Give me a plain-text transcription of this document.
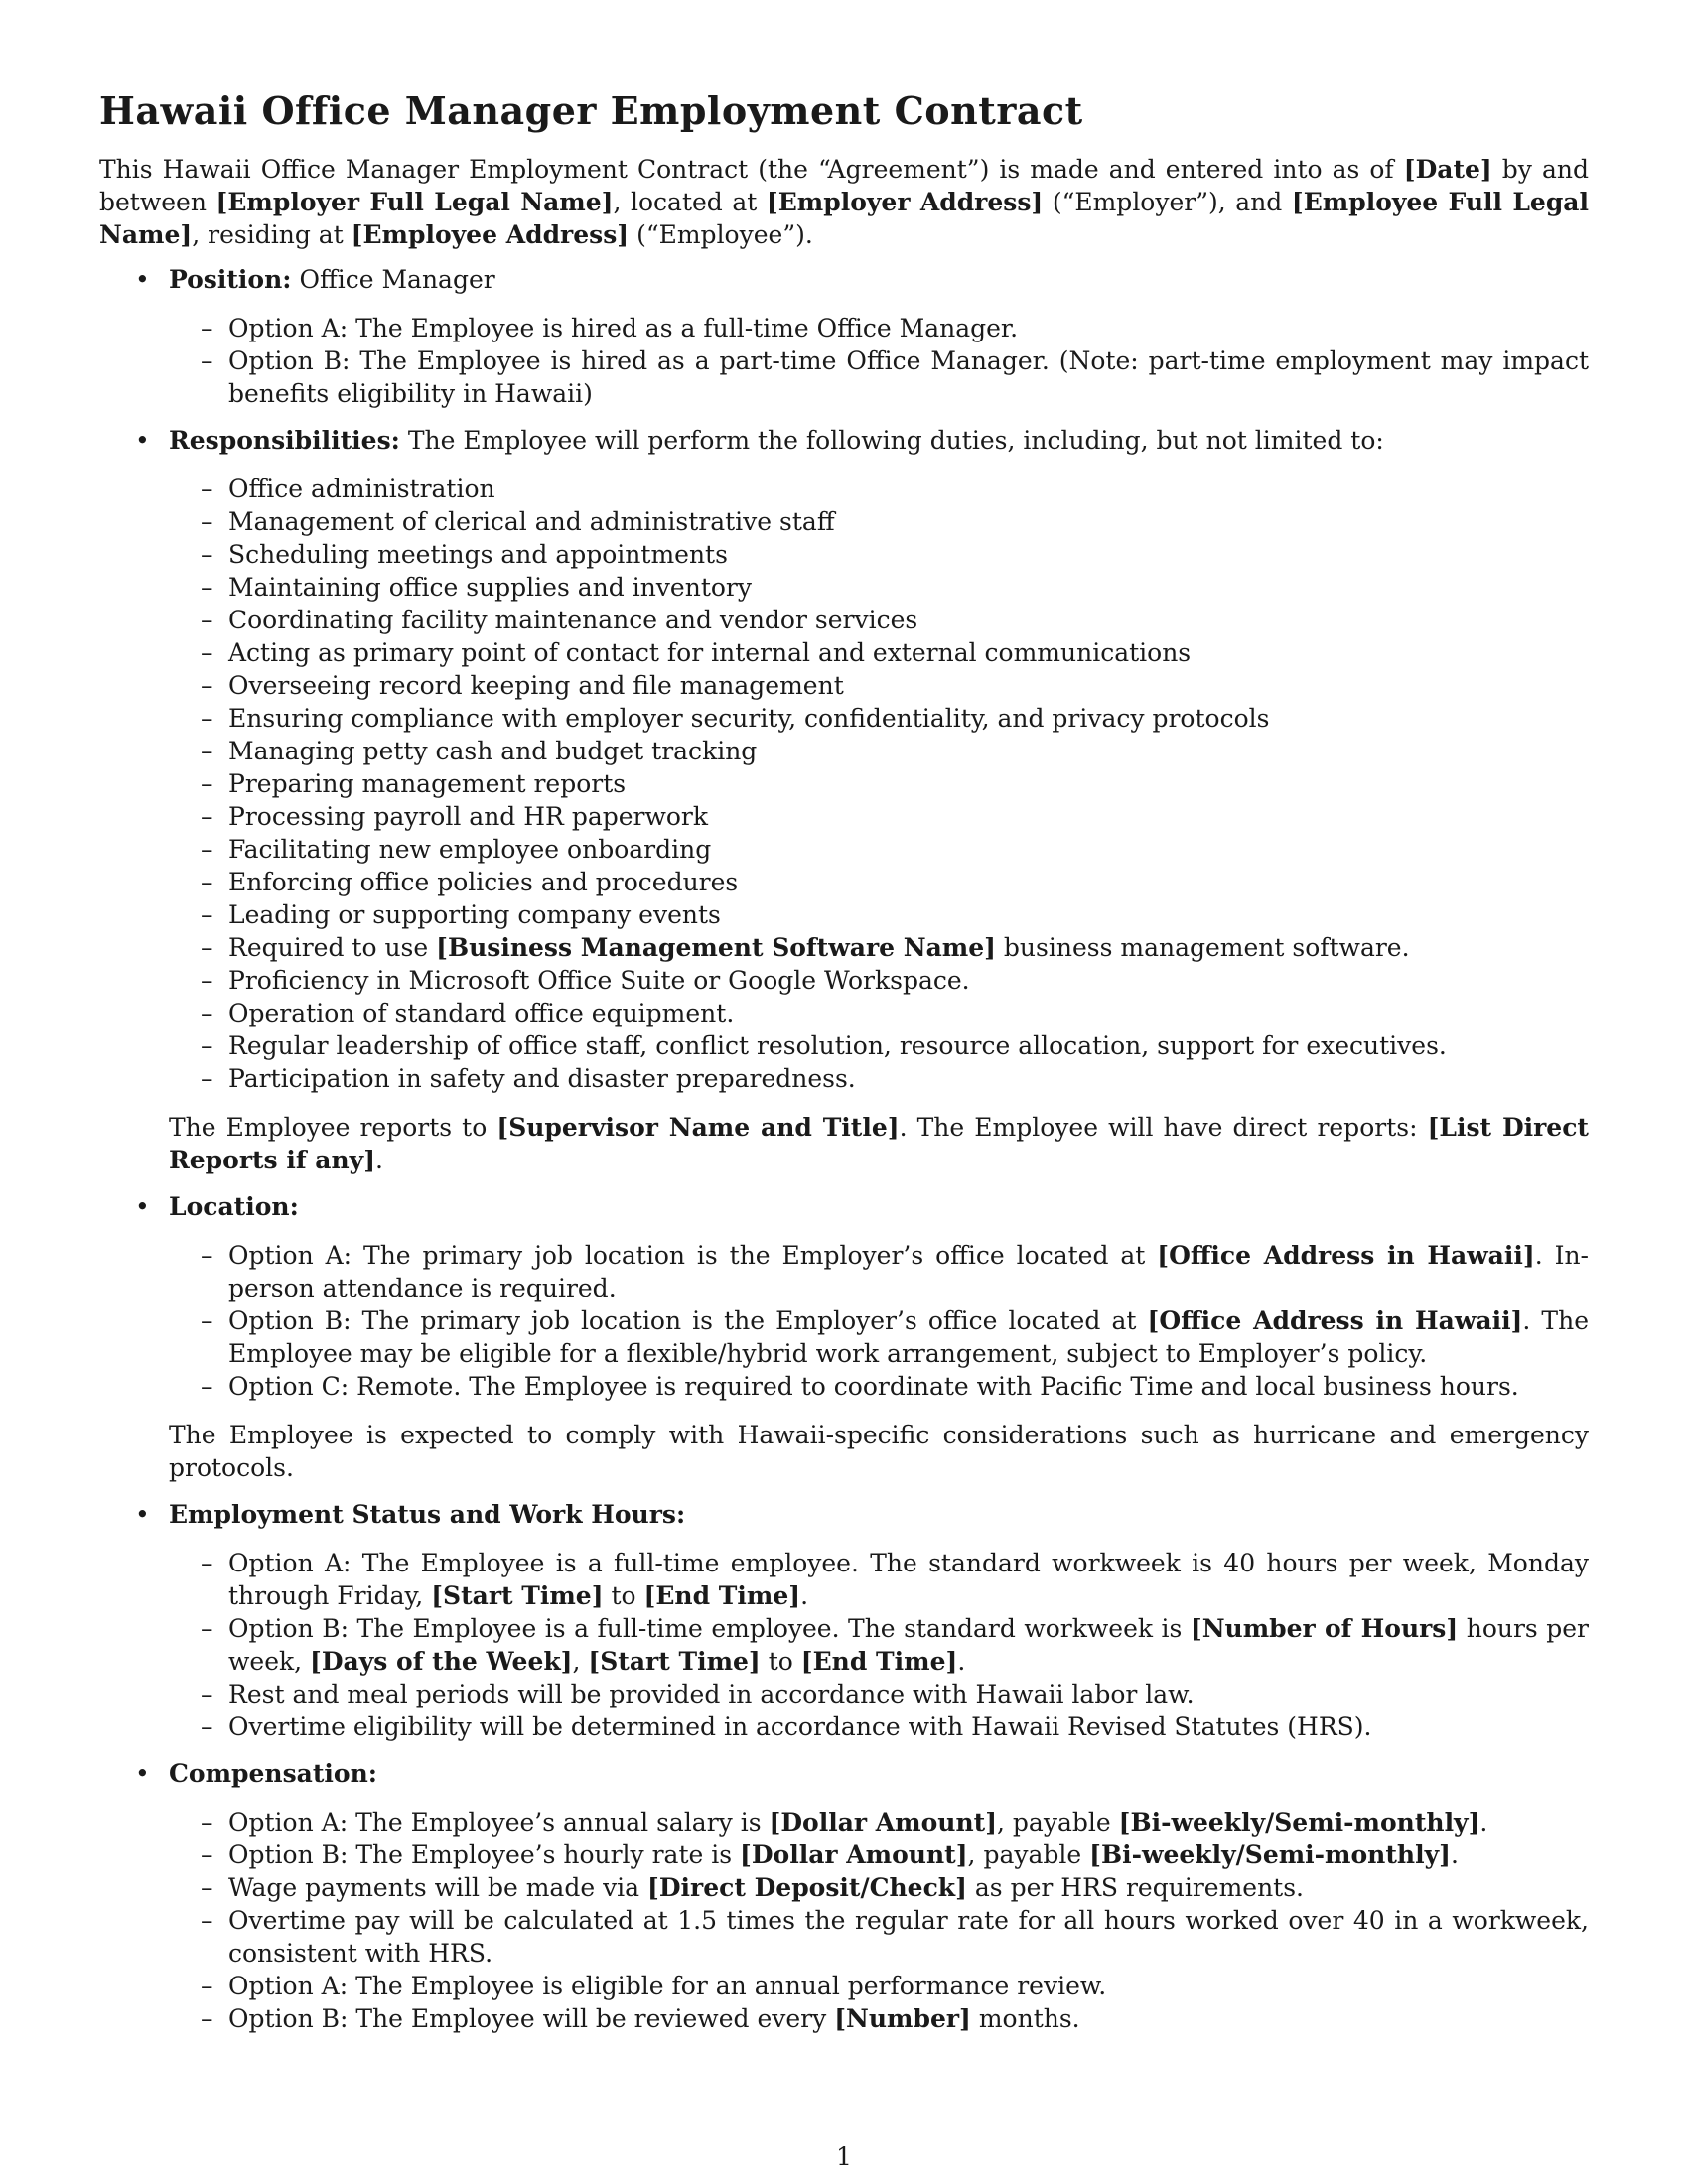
Hawaii Office Manager Employment Contract

This Hawaii Office Manager Employment Contract (the “Agreement”) is made and entered into as of [Date] by and between [Employer Full Legal Name], located at [Employer Address] (“Employer”), and [Employee Full Legal Name], residing at [Employee Address] (“Employee”).

• Position: Office Manager
– Option A: The Employee is hired as a full-time Office Manager.
– Option B: The Employee is hired as a part-time Office Manager. (Note: part-time employment may impact benefits eligibility in Hawaii)
• Responsibilities: The Employee will perform the following duties, including, but not limited to:
– Office administration
– Management of clerical and administrative staff
– Scheduling meetings and appointments
– Maintaining office supplies and inventory
– Coordinating facility maintenance and vendor services
– Acting as primary point of contact for internal and external communications
– Overseeing record keeping and file management
– Ensuring compliance with employer security, confidentiality, and privacy protocols
– Managing petty cash and budget tracking
– Preparing management reports
– Processing payroll and HR paperwork
– Facilitating new employee onboarding
– Enforcing office policies and procedures
– Leading or supporting company events
– Required to use [Business Management Software Name] business management software.
– Proficiency in Microsoft Office Suite or Google Workspace.
– Operation of standard office equipment.
– Regular leadership of office staff, conflict resolution, resource allocation, support for executives.
– Participation in safety and disaster preparedness.

The Employee reports to [Supervisor Name and Title]. The Employee will have direct reports: [List Direct Reports if any].

• Location:
– Option A: The primary job location is the Employer’s office located at [Office Address in Hawaii]. In-person attendance is required.
– Option B: The primary job location is the Employer’s office located at [Office Address in Hawaii]. The Employee may be eligible for a flexible/hybrid work arrangement, subject to Employer’s policy.
– Option C: Remote. The Employee is required to coordinate with Pacific Time and local business hours.

The Employee is expected to comply with Hawaii-specific considerations such as hurricane and emergency protocols.

• Employment Status and Work Hours:
– Option A: The Employee is a full-time employee. The standard workweek is 40 hours per week, Monday through Friday, [Start Time] to [End Time].
– Option B: The Employee is a full-time employee. The standard workweek is [Number of Hours] hours per week, [Days of the Week], [Start Time] to [End Time].
– Rest and meal periods will be provided in accordance with Hawaii labor law.
– Overtime eligibility will be determined in accordance with Hawaii Revised Statutes (HRS).
• Compensation:
– Option A: The Employee’s annual salary is [Dollar Amount], payable [Bi-weekly/Semi-monthly].
– Option B: The Employee’s hourly rate is [Dollar Amount], payable [Bi-weekly/Semi-monthly].
– Wage payments will be made via [Direct Deposit/Check] as per HRS requirements.
– Overtime pay will be calculated at 1.5 times the regular rate for all hours worked over 40 in a workweek, consistent with HRS.
– Option A: The Employee is eligible for an annual performance review.
– Option B: The Employee will be reviewed every [Number] months.
1
